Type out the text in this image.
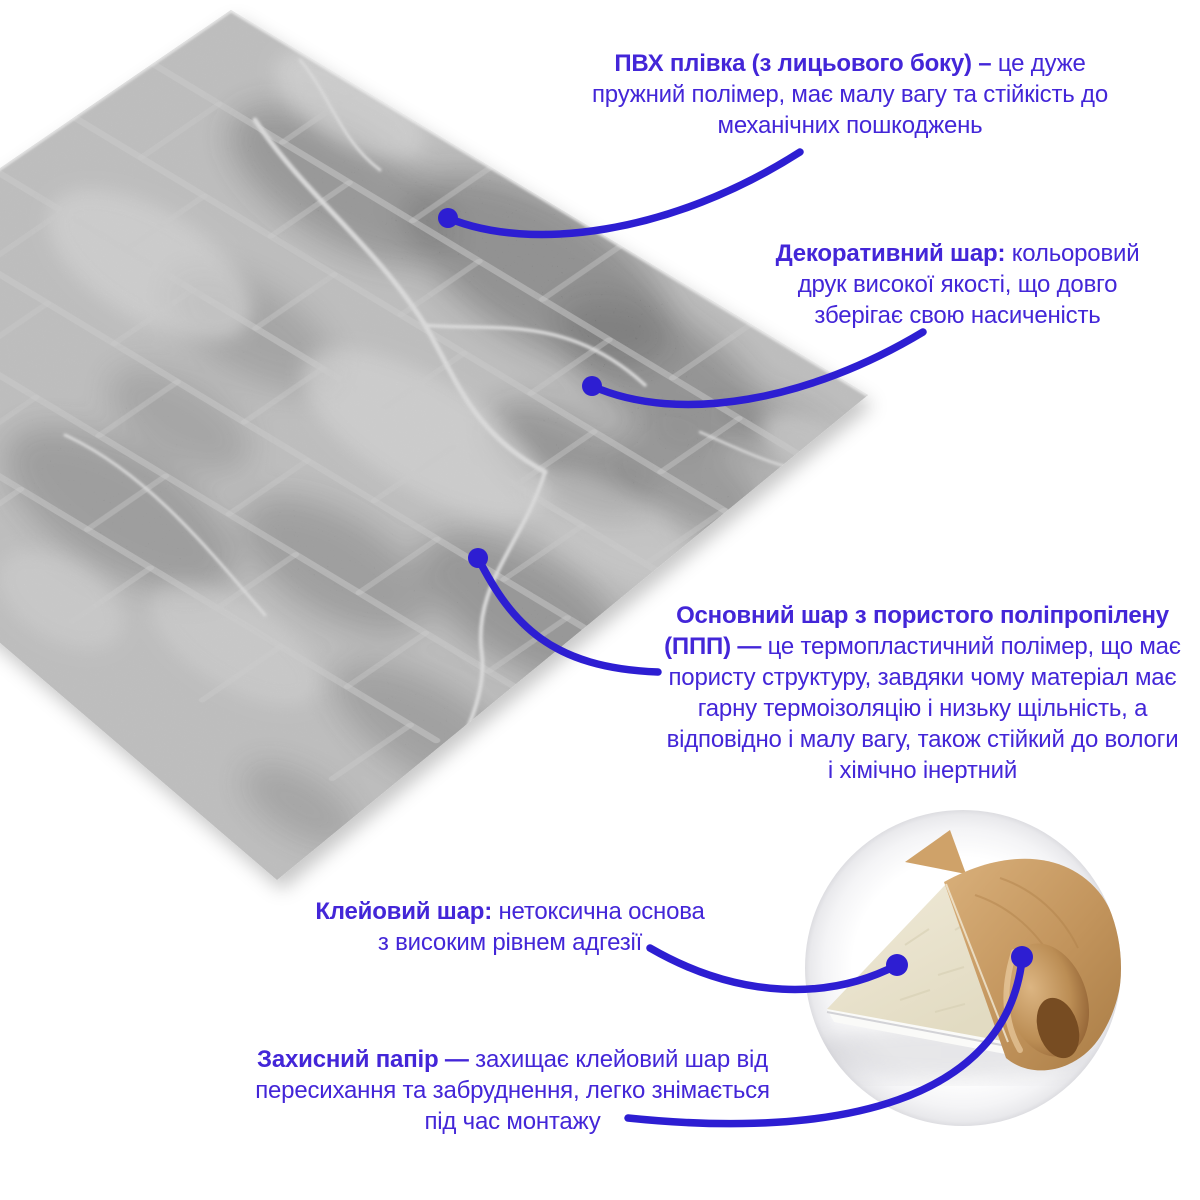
ПВХ плівка (з лицьового боку) – це дуже
пружний полімер, має малу вагу та стійкість до
механічних пошкоджень
Декоративний шар: кольоровий
друк високої якості, що довго
зберігає свою насиченість
Основний шар з пористого поліпропілену
(ППП) — це термопластичний полімер, що має
пористу структуру, завдяки чому матеріал має
гарну термоізоляцію і низьку щільність, а
відповідно і малу вагу, також стійкий до вологи
і хімічно інертний
Клейовий шар: нетоксична основа
з високим рівнем адгезії
Захисний папір — захищає клейовий шар від
пересихання та забруднення, легко знімається
під час монтажу
